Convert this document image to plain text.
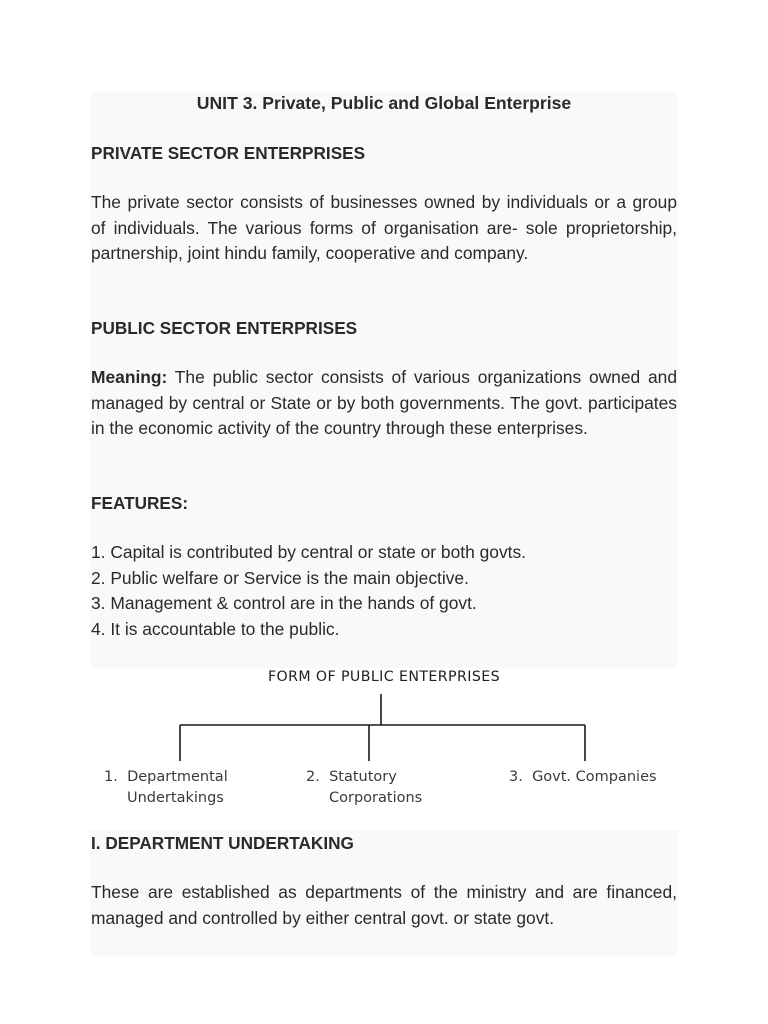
UNIT 3. Private, Public and Global Enterprise

PRIVATE SECTOR ENTERPRISES

The private sector consists of businesses owned by individuals or a group of individuals. The various forms of organisation are- sole proprietorship, partnership, joint hindu family, cooperative and company.

PUBLIC SECTOR ENTERPRISES

Meaning: The public sector consists of various organizations owned and managed by central or State or by both governments. The govt. participates in the economic activity of the country through these enterprises.

FEATURES:

1. Capital is contributed by central or state or both govts.
2. Public welfare or Service is the main objective.
3. Management & control are in the hands of govt.
4. It is accountable to the public.
FORM OF PUBLIC ENTERPRISES
1. Departmental
Undertakings
2. Statutory
Corporations
3. Govt. Companies

I. DEPARTMENT UNDERTAKING

These are established as departments of the ministry and are financed, managed and controlled by either central govt. or state govt.
